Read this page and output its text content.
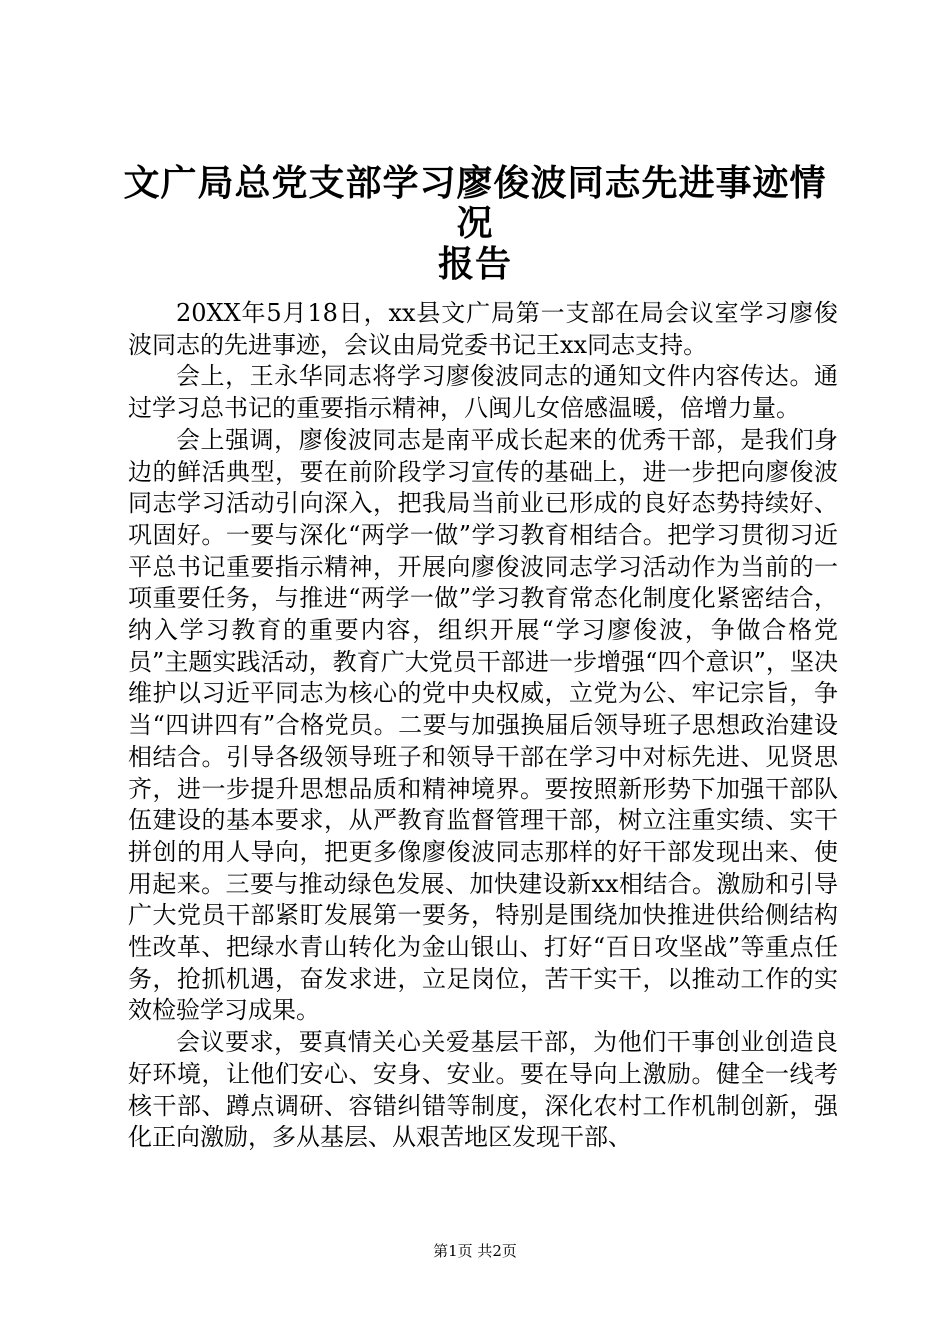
文广局总党支部学习廖俊波同志先进事迹情况
报告

20XX年5月18日，xx县文广局第一支部在局会议室学习廖俊波同志的先进事迹，会议由局党委书记王xx同志支持。

会上，王永华同志将学习廖俊波同志的通知文件内容传达。通过学习总书记的重要指示精神，八闽儿女倍感温暖，倍增力量。

会上强调，廖俊波同志是南平成长起来的优秀干部，是我们身边的鲜活典型，要在前阶段学习宣传的基础上，进一步把向廖俊波同志学习活动引向深入，把我局当前业已形成的良好态势持续好、巩固好。一要与深化“两学一做”学习教育相结合。把学习贯彻习近平总书记重要指示精神，开展向廖俊波同志学习活动作为当前的一项重要任务，与推进“两学一做”学习教育常态化制度化紧密结合，纳入学习教育的重要内容，组织开展“学习廖俊波，争做合格党员”主题实践活动，教育广大党员干部进一步增强“四个意识”，坚决维护以习近平同志为核心的党中央权威，立党为公、牢记宗旨，争当“四讲四有”合格党员。二要与加强换届后领导班子思想政治建设相结合。引导各级领导班子和领导干部在学习中对标先进、见贤思齐，进一步提升思想品质和精神境界。要按照新形势下加强干部队伍建设的基本要求，从严教育监督管理干部，树立注重实绩、实干拼创的用人导向，把更多像廖俊波同志那样的好干部发现出来、使用起来。三要与推动绿色发展、加快建设新xx相结合。激励和引导广大党员干部紧盯发展第一要务，特别是围绕加快推进供给侧结构性改革、把绿水青山转化为金山银山、打好“百日攻坚战”等重点任务，抢抓机遇，奋发求进，立足岗位，苦干实干，以推动工作的实效检验学习成果。

会议要求，要真情关心关爱基层干部，为他们干事创业创造良好环境，让他们安心、安身、安业。要在导向上激励。健全一线考核干部、蹲点调研、容错纠错等制度，深化农村工作机制创新，强化正向激励，多从基层、从艰苦地区发现干部、

第1页 共2页
